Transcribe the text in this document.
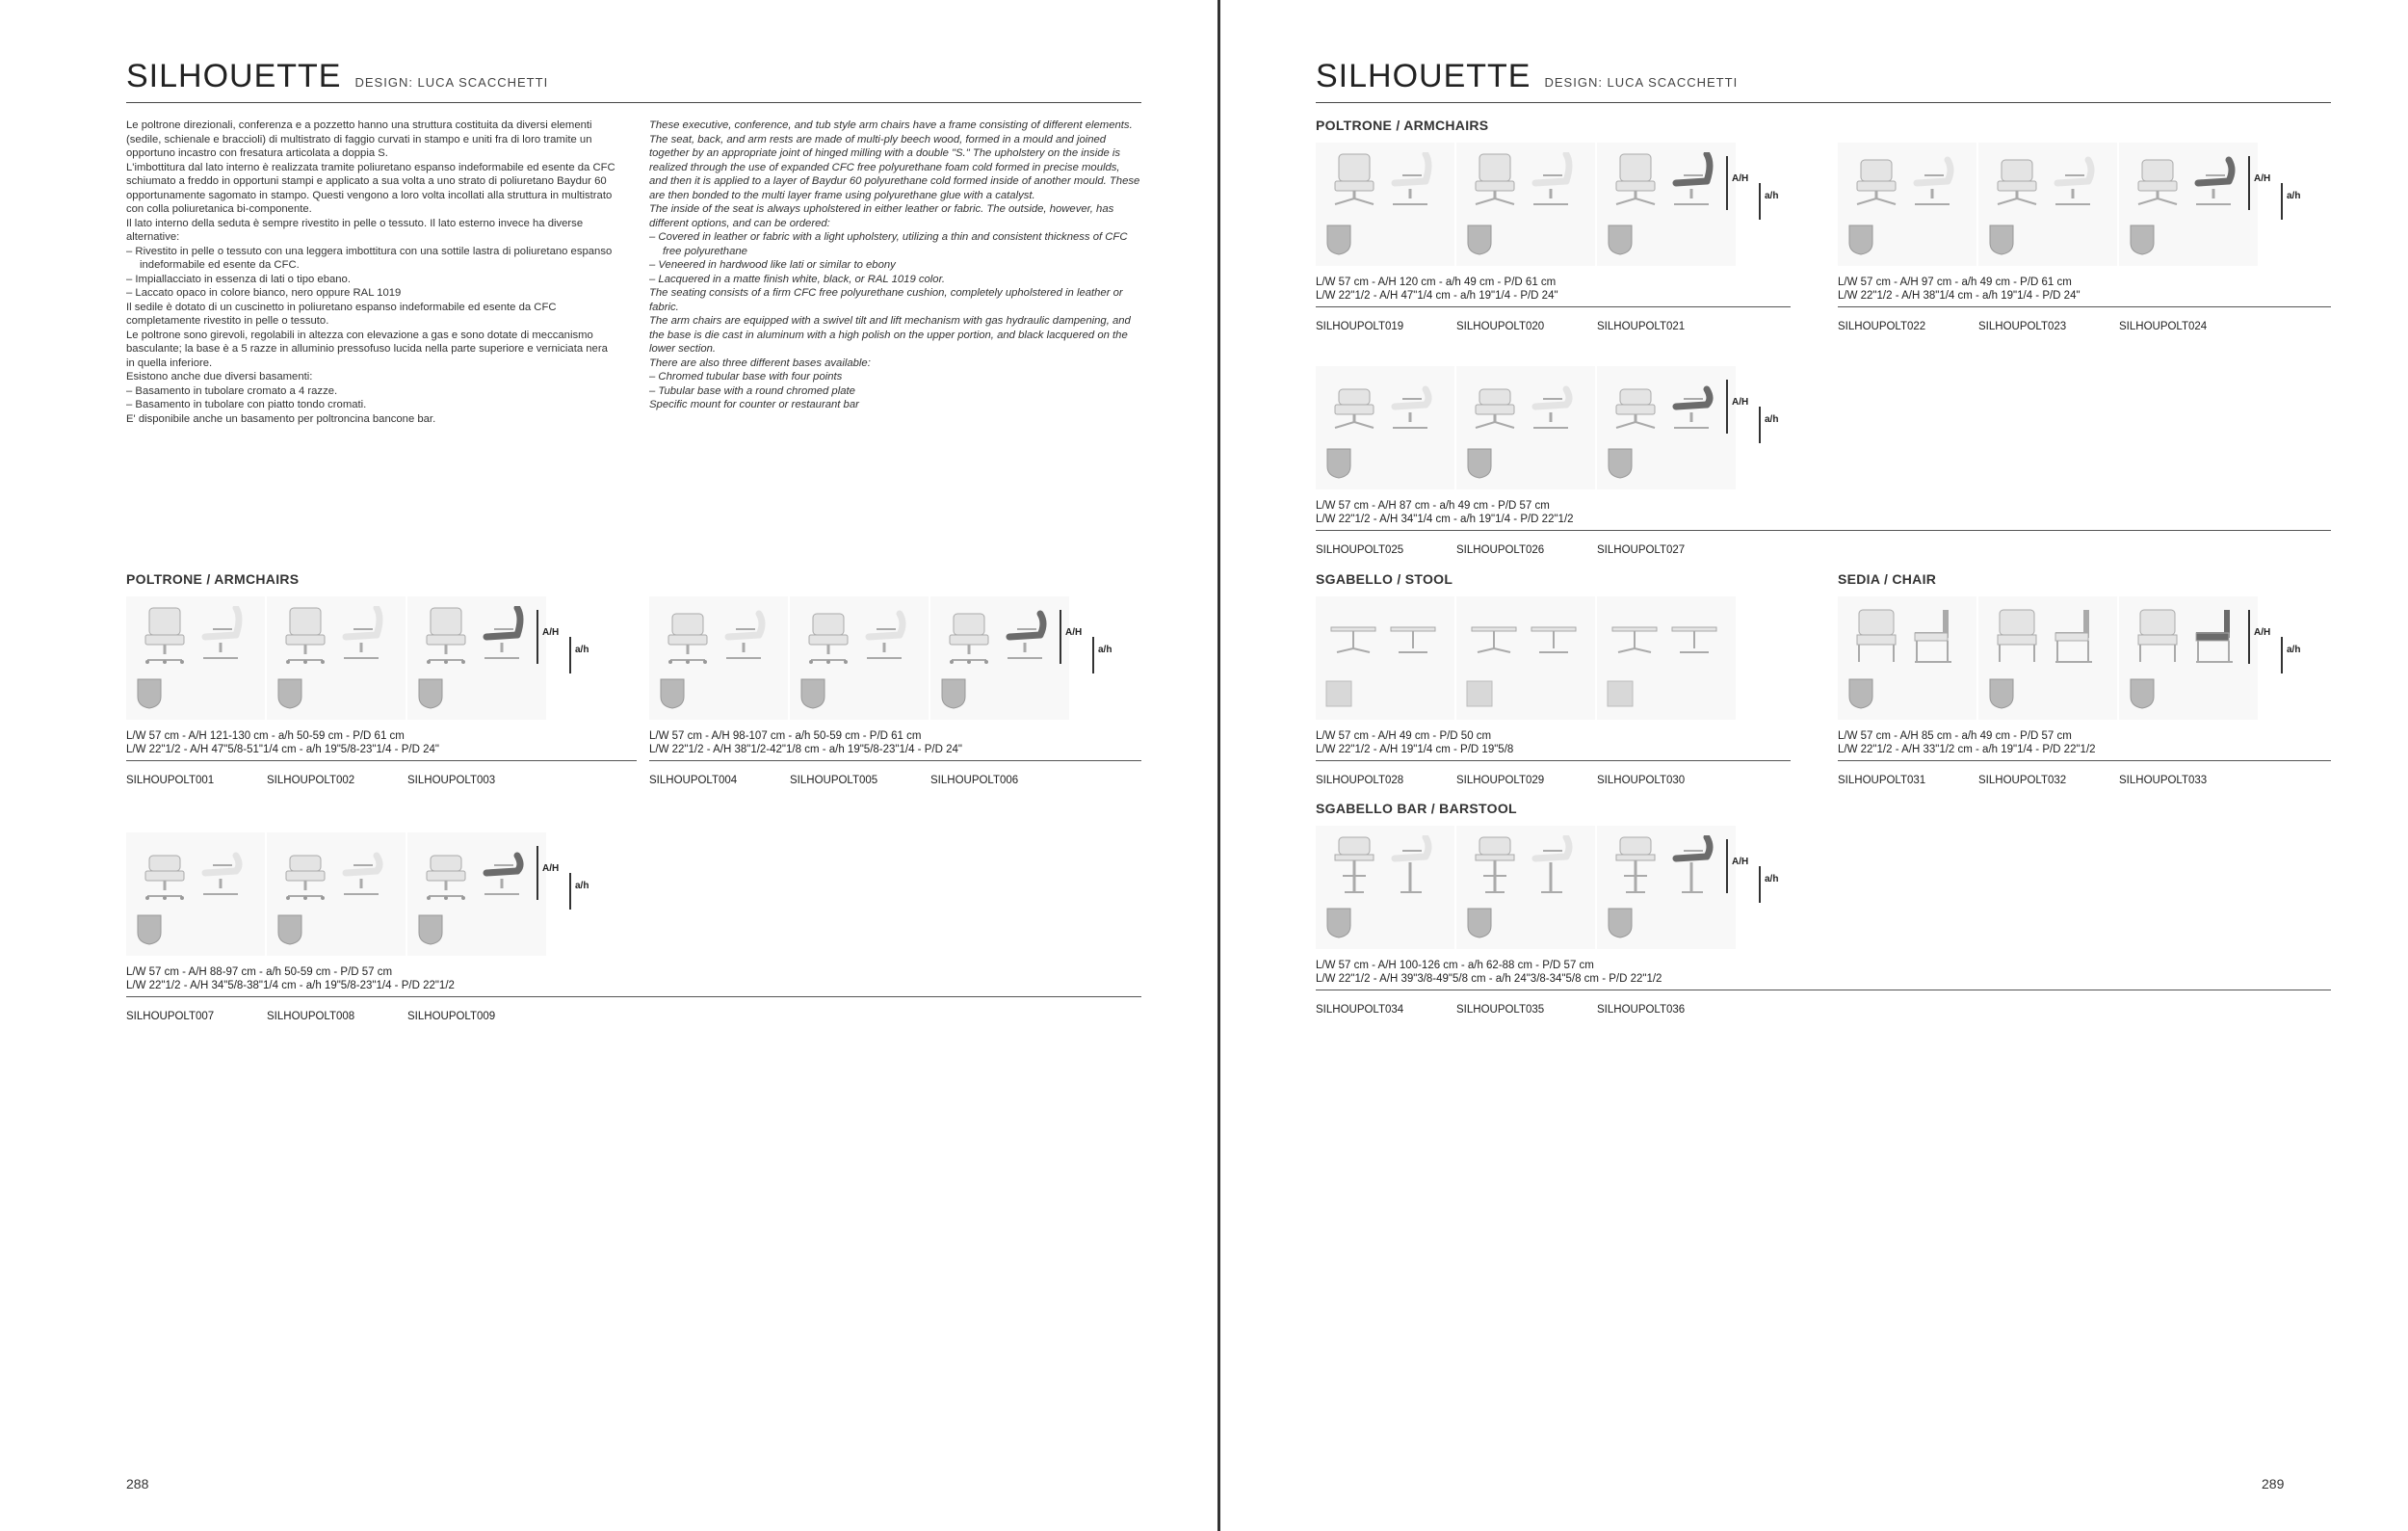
SILHOUETTE DESIGN: LUCA SCACCHETTI

Le poltrone direzionali, conferenza e a pozzetto hanno una struttura costituita da diversi elementi (sedile, schienale e braccioli) di multistrato di faggio curvati in stampo e uniti fra di loro tramite un opportuno incastro con fresatura articolata a doppia S.

L'imbottitura dal lato interno è realizzata tramite poliuretano espanso indeformabile ed esente da CFC schiumato a freddo in opportuni stampi e applicato a sua volta a uno strato di poliuretano Baydur 60 opportunamente sagomato in stampo. Questi vengono a loro volta incollati alla struttura in multistrato con colla poliuretanica bi-componente.

Il lato interno della seduta è sempre rivestito in pelle o tessuto. Il lato esterno invece ha diverse alternative:

– Rivestito in pelle o tessuto con una leggera imbottitura con una sottile lastra di poliuretano espanso indeformabile ed esente da CFC.

– Impiallacciato in essenza di lati o tipo ebano.

– Laccato opaco in colore bianco, nero oppure RAL 1019

Il sedile è dotato di un cuscinetto in poliuretano espanso indeformabile ed esente da CFC completamente rivestito in pelle o tessuto.

Le poltrone sono girevoli, regolabili in altezza con elevazione a gas e sono dotate di meccanismo basculante; la base è a 5 razze in alluminio pressofuso lucida nella parte superiore e verniciata nera in quella inferiore.

Esistono anche due diversi basamenti:

– Basamento in tubolare cromato a 4 razze.

– Basamento in tubolare con piatto tondo cromati.

E' disponibile anche un basamento per poltroncina bancone bar.

These executive, conference, and tub style arm chairs have a frame consisting of different elements. The seat, back, and arm rests are made of multi-ply beech wood, formed in a mould and joined together by an appropriate joint of hinged milling with a double "S." The upholstery on the inside is realized through the use of expanded CFC free polyurethane foam cold formed in precise moulds, and then it is applied to a layer of Baydur 60 polyurethane cold formed inside of another mould. These are then bonded to the multi layer frame using polyurethane glue with a catalyst.

The inside of the seat is always upholstered in either leather or fabric. The outside, however, has different options, and can be ordered:

– Covered in leather or fabric with a light upholstery, utilizing a thin and consistent thickness of CFC free polyurethane

– Veneered in hardwood like lati or similar to ebony

– Lacquered in a matte finish white, black, or RAL 1019 color.

The seating consists of a firm CFC free polyurethane cushion, completely upholstered in leather or fabric.

The arm chairs are equipped with a swivel tilt and lift mechanism with gas hydraulic dampening, and the base is die cast in aluminum with a high polish on the upper portion, and black lacquered on the lower section.

There are also three different bases available:

– Chromed tubular base with four points

– Tubular base with a round chromed plate

Specific mount for counter or restaurant bar

POLTRONE / ARMCHAIRS
A/H
a/h
L/W 57 cm - A/H 121-130 cm - a/h 50-59 cm - P/D 61 cm
L/W 22"1/2 - A/H 47"5/8-51"1/4 cm - a/h 19"5/8-23"1/4 - P/D 24"
SILHOUPOLT001	SILHOUPOLT002	SILHOUPOLT003
A/H
a/h
L/W 57 cm - A/H 98-107 cm - a/h 50-59 cm - P/D 61 cm
L/W 22"1/2 - A/H 38"1/2-42"1/8 cm - a/h 19"5/8-23"1/4 - P/D 24"
SILHOUPOLT004	SILHOUPOLT005	SILHOUPOLT006
A/H
a/h
L/W 57 cm - A/H 88-97 cm - a/h 50-59 cm - P/D 57 cm
L/W 22"1/2 - A/H 34"5/8-38"1/4 cm - a/h 19"5/8-23"1/4 - P/D 22"1/2
SILHOUPOLT007	SILHOUPOLT008	SILHOUPOLT009
288
SILHOUETTE DESIGN: LUCA SCACCHETTI
POLTRONE / ARMCHAIRS
A/H
a/h
L/W 57 cm - A/H 120 cm - a/h 49 cm - P/D 61 cm
L/W 22"1/2 - A/H 47"1/4 cm - a/h 19"1/4 - P/D 24"
SILHOUPOLT019	SILHOUPOLT020	SILHOUPOLT021
A/H
a/h
L/W 57 cm - A/H 97 cm - a/h 49 cm - P/D 61 cm
L/W 22"1/2 - A/H 38"1/4 cm - a/h 19"1/4 - P/D 24"
SILHOUPOLT022	SILHOUPOLT023	SILHOUPOLT024
A/H
a/h
L/W 57 cm - A/H 87 cm - a/h 49 cm - P/D 57 cm
L/W 22"1/2 - A/H 34"1/4 cm - a/h 19"1/4 - P/D 22"1/2
SILHOUPOLT025	SILHOUPOLT026	SILHOUPOLT027
SGABELLO / STOOL	SEDIA / CHAIR
L/W 57 cm - A/H 49 cm - P/D 50 cm
L/W 22"1/2 - A/H 19"1/4 cm - P/D 19"5/8
SILHOUPOLT028	SILHOUPOLT029	SILHOUPOLT030
A/H
a/h
L/W 57 cm - A/H 85 cm - a/h 49 cm - P/D 57 cm
L/W 22"1/2 - A/H 33"1/2 cm - a/h 19"1/4 - P/D 22"1/2
SILHOUPOLT031	SILHOUPOLT032	SILHOUPOLT033
SGABELLO BAR / BARSTOOL
A/H
a/h
L/W 57 cm - A/H 100-126 cm - a/h 62-88 cm - P/D 57 cm
L/W 22"1/2 - A/H 39"3/8-49"5/8 cm - a/h 24"3/8-34"5/8 cm - P/D 22"1/2
SILHOUPOLT034	SILHOUPOLT035	SILHOUPOLT036
289
